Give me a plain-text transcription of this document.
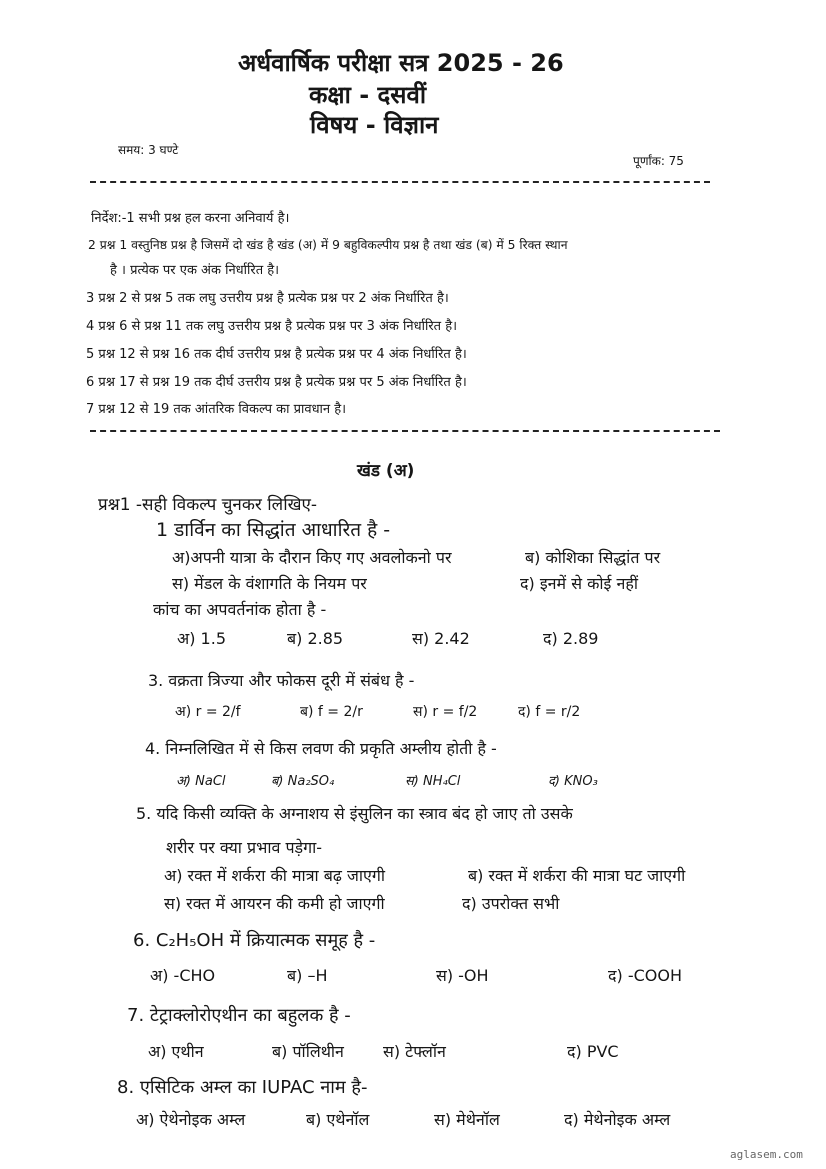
अर्धवार्षिक परीक्षा सत्र 2025 - 26
कक्षा - दसवीं
विषय - विज्ञान
समय: 3 घण्टे
पूर्णांक: 75
निर्देश:-1 सभी प्रश्न हल करना अनिवार्य है।
2 प्रश्न 1 वस्तुनिष्ठ प्रश्न है जिसमें दो खंड है खंड (अ) में 9 बहुविकल्पीय प्रश्न है तथा खंड (ब) में 5 रिक्त स्थान
है । प्रत्येक पर एक अंक निर्धारित है।
3 प्रश्न 2 से प्रश्न 5 तक लघु उत्तरीय प्रश्न है प्रत्येक प्रश्न पर 2 अंक निर्धारित है।
4 प्रश्न 6 से प्रश्न 11 तक लघु उत्तरीय प्रश्न है प्रत्येक प्रश्न पर 3 अंक निर्धारित है।
5 प्रश्न 12 से प्रश्न 16 तक दीर्घ उत्तरीय प्रश्न है प्रत्येक प्रश्न पर 4 अंक निर्धारित है।
6 प्रश्न 17 से प्रश्न 19 तक दीर्घ उत्तरीय प्रश्न है प्रत्येक प्रश्न पर 5 अंक निर्धारित है।
7 प्रश्न 12 से 19 तक आंतरिक विकल्प का प्रावधान है।
खंड (अ)
प्रश्न1 -सही विकल्प चुनकर लिखिए-
1 डार्विन का सिद्धांत आधारित है -
अ)अपनी यात्रा के दौरान किए गए अवलोकनो पर	ब) कोशिका सिद्धांत पर
स) मेंडल के वंशागति के नियम पर	द) इनमें से कोई नहीं
कांच का अपवर्तनांक होता है -
अ) 1.5	ब) 2.85	स) 2.42	द) 2.89
3. वक्रता त्रिज्या और फोकस दूरी में संबंध है -
अ) r = 2/f	ब) f = 2/r	स) r = f/2	द) f = r/2
4. निम्नलिखित में से किस लवण की प्रकृति अम्लीय होती है -
अ) NaCl	ब) Na₂SO₄	स) NH₄Cl	द) KNO₃
5. यदि किसी व्यक्ति के अग्नाशय से इंसुलिन का स्त्राव बंद हो जाए तो उसके
शरीर पर क्या प्रभाव पड़ेगा-
अ) रक्त में शर्करा की मात्रा बढ़ जाएगी	ब) रक्त में शर्करा की मात्रा घट जाएगी
स) रक्त में आयरन की कमी हो जाएगी	द) उपरोक्त सभी
6. C₂H₅OH में क्रियात्मक समूह है -
अ) -CHO	ब) –H	स) -OH	द) -COOH
7. टेट्राक्लोरोएथीन का बहुलक है -
अ) एथीन	ब) पॉलिथीन स) टेफ्लॉन	द) PVC
8. एसिटिक अम्ल का IUPAC नाम है-
अ) ऐथेनोइक अम्ल	ब) एथेनॉल	स) मेथेनॉल	द) मेथेनोइक अम्ल
aglasem.com
